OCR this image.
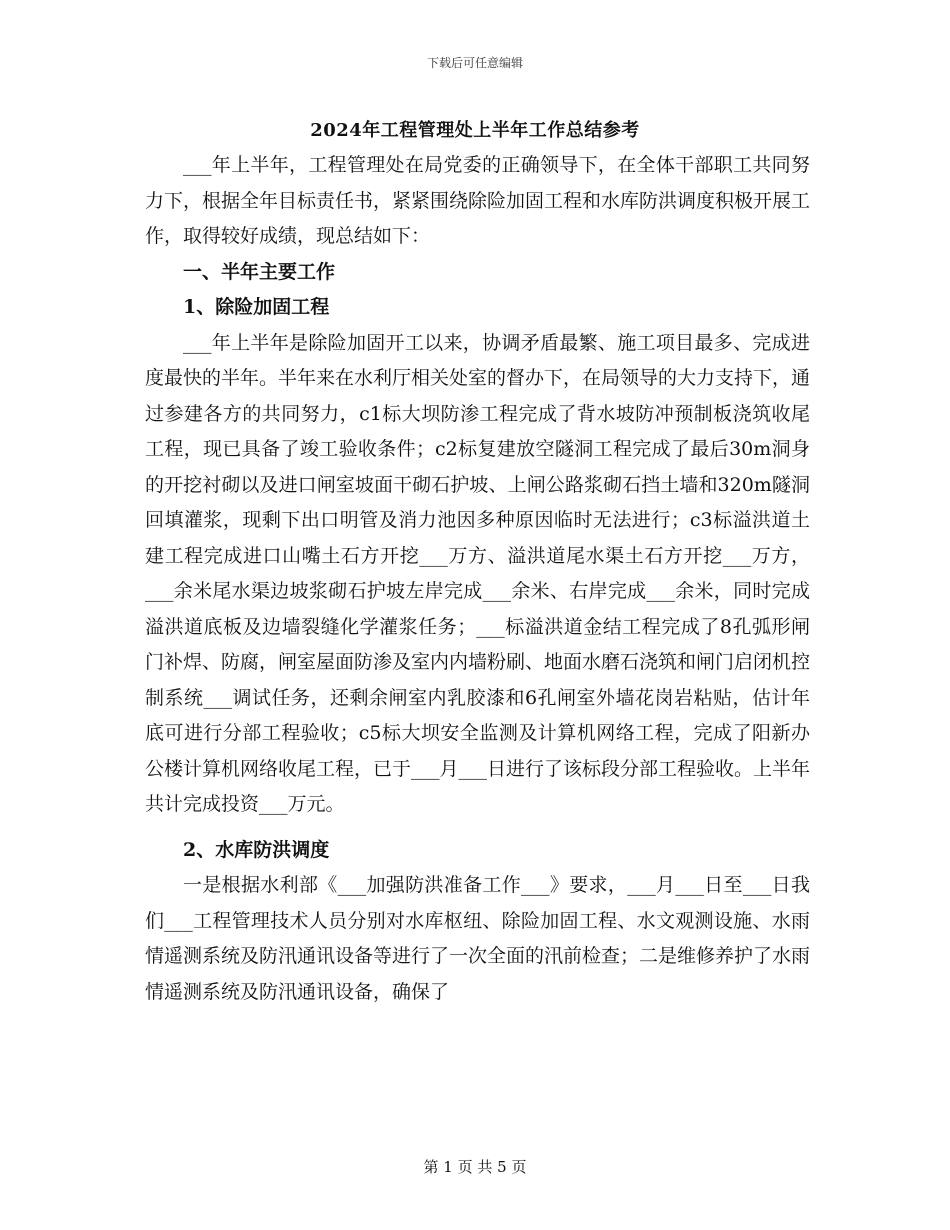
下载后可任意编辑
2024年工程管理处上半年工作总结参考

___年上半年，工程管理处在局党委的正确领导下，在全体干部职工共同努力下，根据全年目标责任书，紧紧围绕除险加固工程和水库防洪调度积极开展工作，取得较好成绩，现总结如下：

一、半年主要工作

1、除险加固工程

___年上半年是除险加固开工以来，协调矛盾最繁、施工项目最多、完成进度最快的半年。半年来在水利厅相关处室的督办下，在局领导的大力支持下，通过参建各方的共同努力，c1标大坝防渗工程完成了背水坡防冲预制板浇筑收尾工程，现已具备了竣工验收条件；c2标复建放空隧洞工程完成了最后30m洞身的开挖衬砌以及进口闸室坡面干砌石护坡、上闸公路浆砌石挡土墙和320m隧洞回填灌浆，现剩下出口明管及消力池因多种原因临时无法进行；c3标溢洪道土建工程完成进口山嘴土石方开挖___万方、溢洪道尾水渠土石方开挖___万方，___余米尾水渠边坡浆砌石护坡左岸完成___余米、右岸完成___余米，同时完成溢洪道底板及边墙裂缝化学灌浆任务；___标溢洪道金结工程完成了8孔弧形闸门补焊、防腐，闸室屋面防渗及室内内墙粉刷、地面水磨石浇筑和闸门启闭机控制系统___调试任务，还剩余闸室内乳胶漆和6孔闸室外墙花岗岩粘贴，估计年底可进行分部工程验收；c5标大坝安全监测及计算机网络工程，完成了阳新办公楼计算机网络收尾工程，已于___月___日进行了该标段分部工程验收。上半年共计完成投资___万元。

2、水库防洪调度

一是根据水利部《___加强防洪准备工作___》要求，___月___日至___日我们___工程管理技术人员分别对水库枢纽、除险加固工程、水文观测设施、水雨情遥测系统及防汛通讯设备等进行了一次全面的汛前检查；二是维修养护了水雨情遥测系统及防汛通讯设备，确保了

第 1 页 共 5 页
